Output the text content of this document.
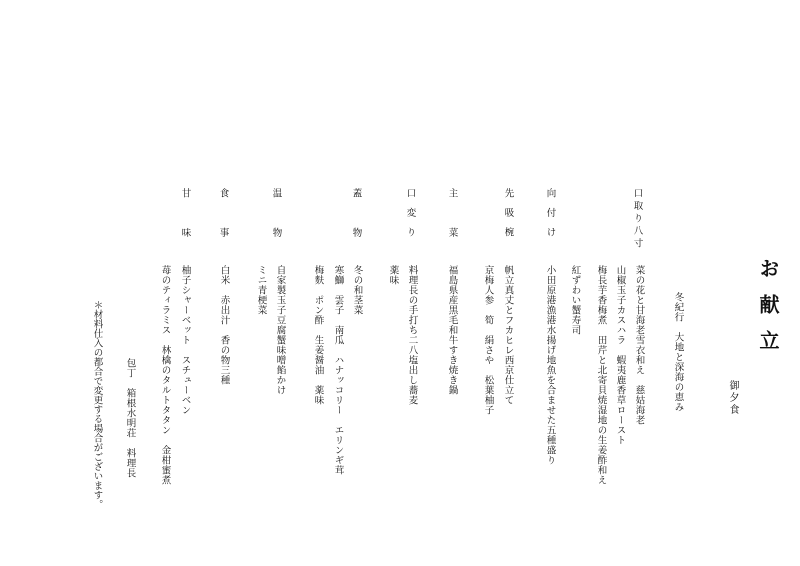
お献立
御夕食
冬紀行　大地と深海の恵み
口取り八寸
向付け
先吸椀
主菜
口変り
蓋物
温物
食事
甘味
菜の花と甘海老雪衣和え　慈姑海老
山椒玉子カスハラ　蝦夷鹿香草ロースト
梅長芋香梅煮　田芹と北寄貝焼湿地の生姜酢和え
紅ずわい蟹寿司
小田原港漁港水揚げ地魚を合ませた五種盛り
帆立真丈とフカヒレ西京仕立て
京梅人参　筍　絹さや　松葉柚子
福島県産黒毛和牛すき焼き鍋
料理長の手打ち二八塩出し蕎麦
薬味
冬の和茎菜
寒鰤　雲子　南瓜　ハナッコリー　エリンギ茸
梅麩　ポン酢　生姜醤油　薬味
自家製玉子豆腐蟹味噌餡かけ
ミニ青梗菜
白米　赤出汁　香の物三種
柚子シャーベット　スチューベン
苺のティラミス　林檎のタルトタタン　金柑蜜煮
包丁　箱根水明荘　料理長
＊材料仕入の都合で変更する場合がございます。
